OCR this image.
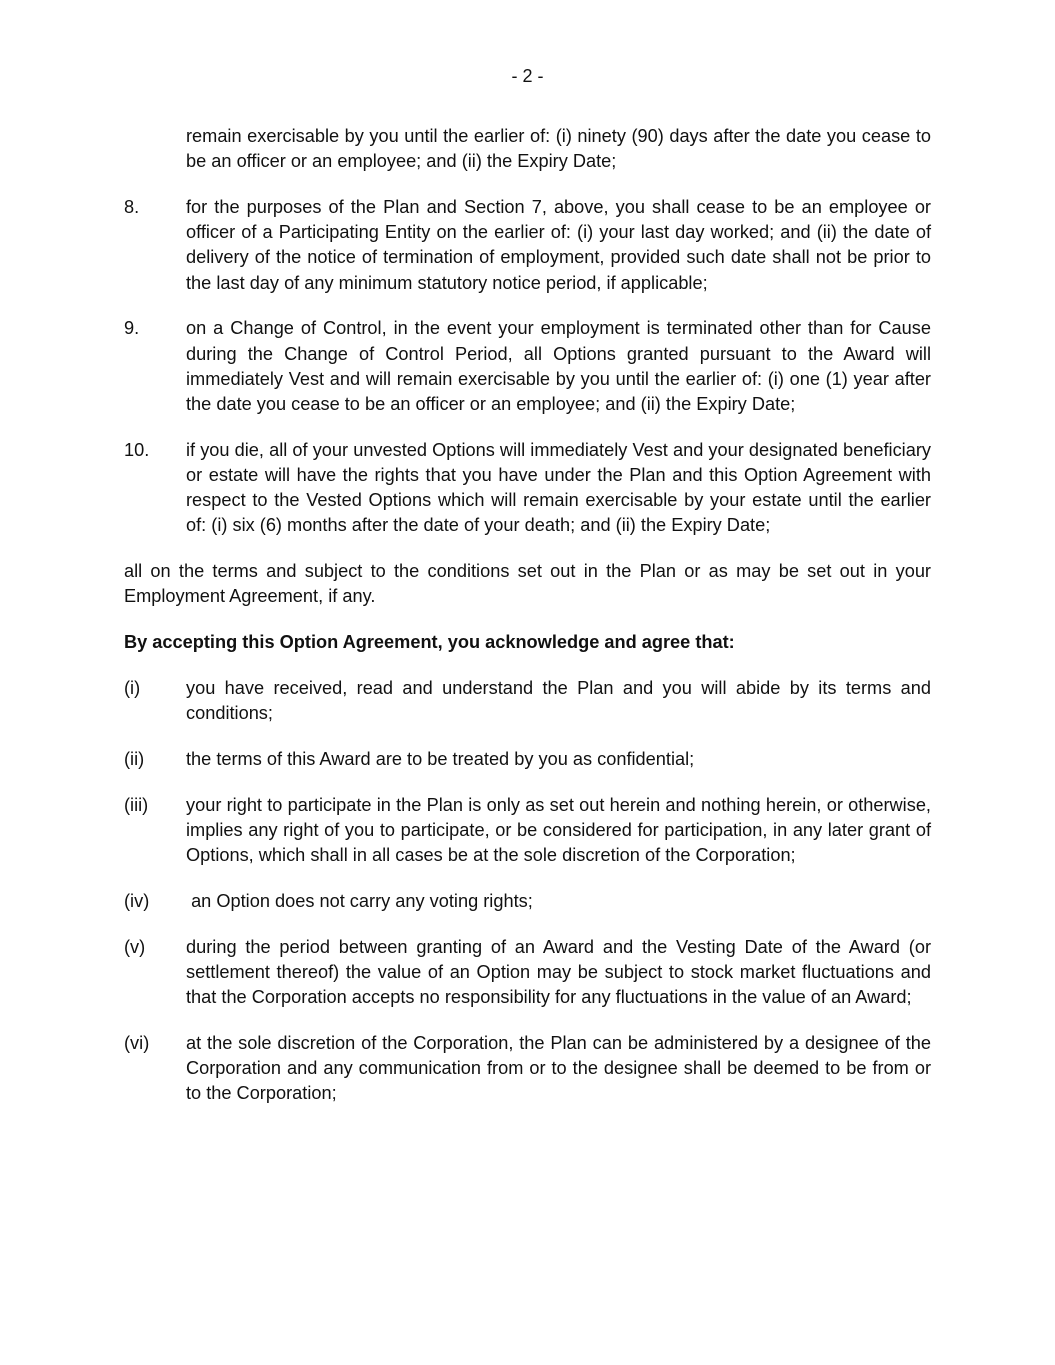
- 2 -

remain exercisable by you until the earlier of: (i) ninety (90) days after the date you cease to be an officer or an employee; and (ii) the Expiry Date;

8.	for the purposes of the Plan and Section 7, above, you shall cease to be an employee or officer of a Participating Entity on the earlier of: (i) your last day worked; and (ii) the date of delivery of the notice of termination of employment, provided such date shall not be prior to the last day of any minimum statutory notice period, if applicable;
9.	on a Change of Control, in the event your employment is terminated other than for Cause during the Change of Control Period, all Options granted pursuant to the Award will immediately Vest and will remain exercisable by you until the earlier of: (i) one (1) year after the date you cease to be an officer or an employee; and (ii) the Expiry Date;
10.	if you die, all of your unvested Options will immediately Vest and your designated beneficiary or estate will have the rights that you have under the Plan and this Option Agreement with respect to the Vested Options which will remain exercisable by your estate until the earlier of: (i) six (6) months after the date of your death; and (ii) the Expiry Date;

all on the terms and subject to the conditions set out in the Plan or as may be set out in your Employment Agreement, if any.

By accepting this Option Agreement, you acknowledge and agree that:

(i)	you have received, read and understand the Plan and you will abide by its terms and conditions;
(ii)	the terms of this Award are to be treated by you as confidential;
(iii)	your right to participate in the Plan is only as set out herein and nothing herein, or otherwise, implies any right of you to participate, or be considered for participation, in any later grant of Options, which shall in all cases be at the sole discretion of the Corporation;
(iv)	an Option does not carry any voting rights;
(v)	during the period between granting of an Award and the Vesting Date of the Award (or settlement thereof) the value of an Option may be subject to stock market fluctuations and that the Corporation accepts no responsibility for any fluctuations in the value of an Award;
(vi)	at the sole discretion of the Corporation, the Plan can be administered by a designee of the Corporation and any communication from or to the designee shall be deemed to be from or to the Corporation;
